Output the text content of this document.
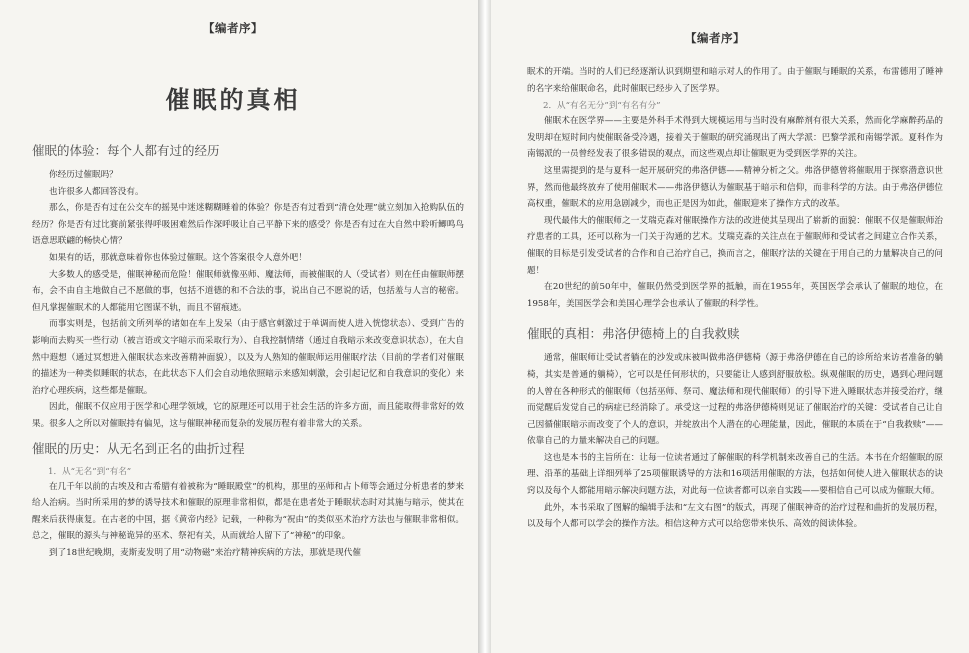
【编者序】
催眠的真相
催眠的体验：每个人都有过的经历

你经历过催眠吗？

也许很多人都回答没有。

那么，你是否有过在公交车的摇晃中迷迷糊糊睡着的体验？你是否有过看到“清仓处理”就立刻加入抢购队伍的经历？你是否有过比赛前紧张得呼吸困难然后作深呼吸让自己平静下来的感受？你是否有过在大自然中聆听鲫鸣鸟语意思联翩的畅快心情？

如果有的话，那就意味着你也体验过催眠。这个答案很令人意外吧！

大多数人的感受是，催眠神秘而危险！催眠师就像巫师、魔法师，而被催眠的人（受试者）则在任由催眠师摆布，会不由自主地做自己不愿做的事，包括不道德的和不合法的事，说出自己不愿说的话，包括羞与人言的秘密。但凡掌握催眠术的人都能用它图谋不轨，而且不留痕迹。

而事实则是，包括前文所列举的诸如在车上发呆（由于感官刺激过于单调而使人进入恍惚状态）、受到广告的影响而去购买一些行动（被言语或文字暗示而采取行为）、自我控制情绪（通过自我暗示来改变意识状态），在大自然中遐想（通过冥想进入催眠状态来改善精神面貌），以及为人熟知的催眠师运用催眠疗法（目前的学者们对催眠的描述为一种类似睡眠的状态，在此状态下人们会自动地依照暗示来感知刺激，会引起记忆和自我意识的变化）来治疗心理疾病，这些都是催眠。

因此，催眠不仅应用于医学和心理学领域，它的原理还可以用于社会生活的许多方面，而且能取得非常好的效果。很多人之所以对催眠持有偏见，这与催眠神秘而复杂的发展历程有着非常大的关系。

催眠的历史：从无名到正名的曲折过程
1．从“无名”到“有名”

在几千年以前的古埃及和古希腊有着被称为“睡眠殿堂”的机构，那里的巫师和占卜师等会通过分析患者的梦来给人治病。当时所采用的梦的诱导技术和催眠的原理非常相似，都是在患者处于睡眠状态时对其施与暗示，使其在醒来后获得康复。在古老的中国，据《黄帝内经》记载，一种称为“祝由”的类似巫术治疗方法也与催眠非常相似。总之，催眠的源头与神秘诡异的巫术、祭祀有关，从而就给人留下了“神秘”的印象。

到了18世纪晚期，麦斯麦发明了用“动物磁”来治疗精神疾病的方法，那就是现代催

【编者序】

眠术的开端。当时的人们已经逐渐认识到期望和暗示对人的作用了。由于催眠与睡眠的关系，布雷德用了睡神的名字来给催眠命名，此时催眠已经步入了医学界。

2．从“有名无分”到“有名有分”

催眠术在医学界——主要是外科手术得到大规模运用与当时没有麻醉剂有很大关系，然而化学麻醉药品的发明却在短时间内使催眠备受冷遇，接着关于催眠的研究涌现出了两大学派：巴黎学派和南锡学派。夏科作为南锡派的一员曾经发表了很多错误的观点，而这些观点却让催眠更为受到医学界的关注。

这里需提到的是与夏科一起开展研究的弗洛伊德——精神分析之父。弗洛伊德曾将催眠用于探察潜意识世界，然而他最终放弃了使用催眠术——弗洛伊德认为催眠基于暗示和信仰，而非科学的方法。由于弗洛伊德位高权重，催眠术的应用急剧减少，而也正是因为如此，催眠迎来了操作方式的改革。

现代最伟大的催眠师之一艾瑞克森对催眠操作方法的改进使其呈现出了崭新的面貌：催眠不仅是催眠师治疗患者的工具，还可以称为一门关于沟通的艺术。艾瑞克森的关注点在于催眠师和受试者之间建立合作关系，催眠的目标是引发受试者的合作和自己治疗自己，换而言之，催眠疗法的关键在于用自己的力量解决自己的问题！

在20世纪的前50年中，催眠仍然受到医学界的抵触，而在1955年，英国医学会承认了催眠的地位，在1958年，美国医学会和美国心理学会也承认了催眠的科学性。

催眠的真相：弗洛伊德椅上的自我救赎

通常，催眠师让受试者躺在的沙发或床被叫做弗洛伊德椅（源于弗洛伊德在自己的诊所给来访者准备的躺椅，其实是普通的躺椅），它可以是任何形状的，只要能让人感到舒服放松。纵观催眠的历史，遇到心理问题的人曾在各种形式的催眠师（包括巫师、祭司、魔法师和现代催眠师）的引导下进入睡眠状态并接受治疗，继而觉醒后发觉自己的病症已经消除了。承受这一过程的弗洛伊德椅则见证了催眠治疗的关键：受试者自己让自己因循催眠暗示而改变了个人的意识，并绽放出个人潜在的心理能量，因此，催眠的本质在于“自我救赎”——依靠自己的力量来解决自己的问题。

这也是本书的主旨所在：让每一位读者通过了解催眠的科学机制来改善自己的生活。本书在介绍催眠的原理、沿革的基础上详细列举了25项催眠诱导的方法和16项活用催眠的方法，包括如何使人进入催眠状态的诀窍以及每个人都能用暗示解决问题方法，对此每一位读者都可以亲自实践——要相信自己可以成为催眠大师。

此外，本书采取了图解的编辑手法和“左文右图”的版式，再现了催眠神奇的治疗过程和曲折的发展历程，以及每个人都可以学会的操作方法。相信这种方式可以给您带来快乐、高效的阅读体验。
